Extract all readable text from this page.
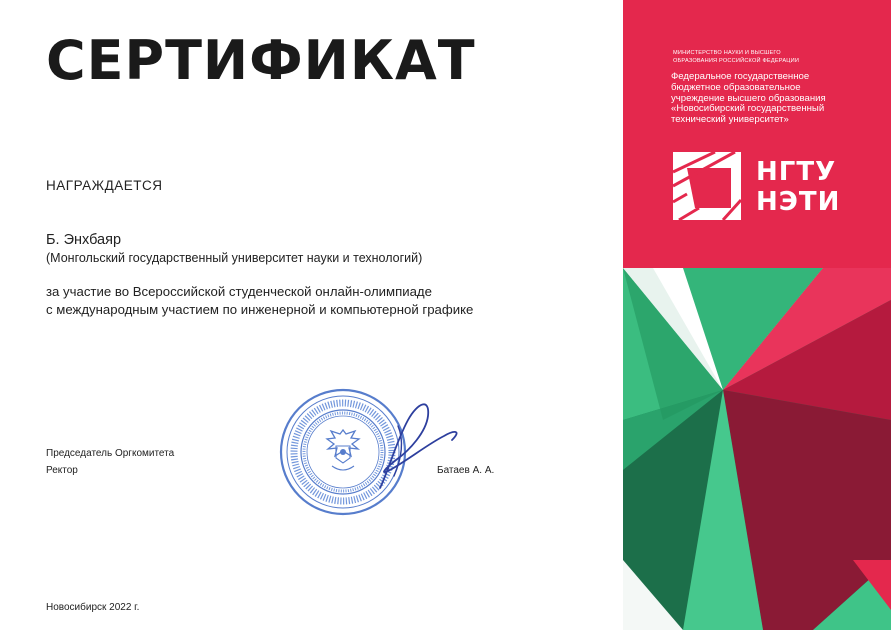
СЕРТИФИКАТ
НАГРАЖДАЕТСЯ
Б. Энхбаяр
(Монгольский государственный университет науки и технологий)
за участие во Всероссийской студенческой онлайн-олимпиаде
с международным участием по инженерной и компьютерной графике
Председатель Оргкомитета
Ректор	Батаев А. А.
Новосибирск 2022 г.
МИНИСТЕРСТВО НАУКИ И ВЫСШЕГО
ОБРАЗОВАНИЯ РОССИЙСКОЙ ФЕДЕРАЦИИ
Федеральное государственное
бюджетное образовательное
учреждение высшего образования
«Новосибирский государственный
технический университет»
НГТУ
НЭТИ
